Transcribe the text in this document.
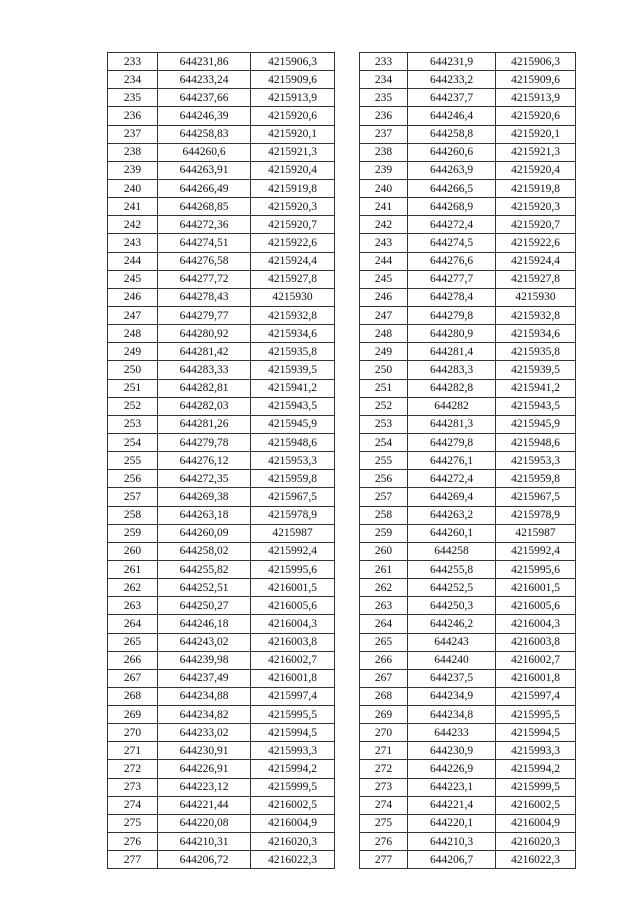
233	644231,86	4215906,3
234	644233,24	4215909,6
235	644237,66	4215913,9
236	644246,39	4215920,6
237	644258,83	4215920,1
238	644260,6	4215921,3
239	644263,91	4215920,4
240	644266,49	4215919,8
241	644268,85	4215920,3
242	644272,36	4215920,7
243	644274,51	4215922,6
244	644276,58	4215924,4
245	644277,72	4215927,8
246	644278,43	4215930
247	644279,77	4215932,8
248	644280,92	4215934,6
249	644281,42	4215935,8
250	644283,33	4215939,5
251	644282,81	4215941,2
252	644282,03	4215943,5
253	644281,26	4215945,9
254	644279,78	4215948,6
255	644276,12	4215953,3
256	644272,35	4215959,8
257	644269,38	4215967,5
258	644263,18	4215978,9
259	644260,09	4215987
260	644258,02	4215992,4
261	644255,82	4215995,6
262	644252,51	4216001,5
263	644250,27	4216005,6
264	644246,18	4216004,3
265	644243,02	4216003,8
266	644239,98	4216002,7
267	644237,49	4216001,8
268	644234,88	4215997,4
269	644234,82	4215995,5
270	644233,02	4215994,5
271	644230,91	4215993,3
272	644226,91	4215994,2
273	644223,12	4215999,5
274	644221,44	4216002,5
275	644220,08	4216004,9
276	644210,31	4216020,3
277	644206,72	4216022,3
233	644231,9	4215906,3
234	644233,2	4215909,6
235	644237,7	4215913,9
236	644246,4	4215920,6
237	644258,8	4215920,1
238	644260,6	4215921,3
239	644263,9	4215920,4
240	644266,5	4215919,8
241	644268,9	4215920,3
242	644272,4	4215920,7
243	644274,5	4215922,6
244	644276,6	4215924,4
245	644277,7	4215927,8
246	644278,4	4215930
247	644279,8	4215932,8
248	644280,9	4215934,6
249	644281,4	4215935,8
250	644283,3	4215939,5
251	644282,8	4215941,2
252	644282	4215943,5
253	644281,3	4215945,9
254	644279,8	4215948,6
255	644276,1	4215953,3
256	644272,4	4215959,8
257	644269,4	4215967,5
258	644263,2	4215978,9
259	644260,1	4215987
260	644258	4215992,4
261	644255,8	4215995,6
262	644252,5	4216001,5
263	644250,3	4216005,6
264	644246,2	4216004,3
265	644243	4216003,8
266	644240	4216002,7
267	644237,5	4216001,8
268	644234,9	4215997,4
269	644234,8	4215995,5
270	644233	4215994,5
271	644230,9	4215993,3
272	644226,9	4215994,2
273	644223,1	4215999,5
274	644221,4	4216002,5
275	644220,1	4216004,9
276	644210,3	4216020,3
277	644206,7	4216022,3
